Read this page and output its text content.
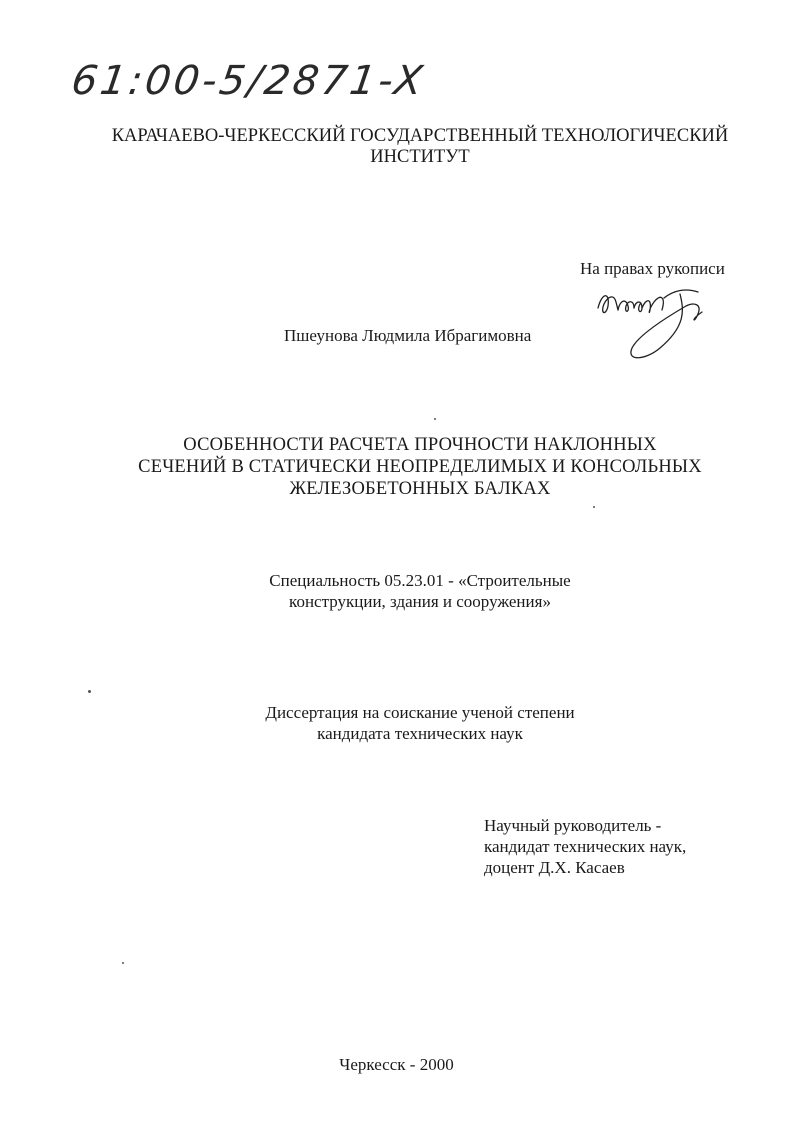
61:00-5/2871-X
КАРАЧАЕВО-ЧЕРКЕССКИЙ ГОСУДАРСТВЕННЫЙ ТЕХНОЛОГИЧЕСКИЙ ИНСТИТУТ
На правах рукописи
Пшеунова Людмила Ибрагимовна
ОСОБЕННОСТИ РАСЧЕТА ПРОЧНОСТИ НАКЛОННЫХ
СЕЧЕНИЙ В СТАТИЧЕСКИ НЕОПРЕДЕЛИМЫХ И КОНСОЛЬНЫХ
ЖЕЛЕЗОБЕТОННЫХ БАЛКАХ
Специальность 05.23.01 - «Строительные
конструкции, здания и сооружения»
Диссертация на соискание ученой степени
кандидата технических наук
Научный руководитель -
кандидат технических наук,
доцент Д.Х. Касаев
Черкесск - 2000
